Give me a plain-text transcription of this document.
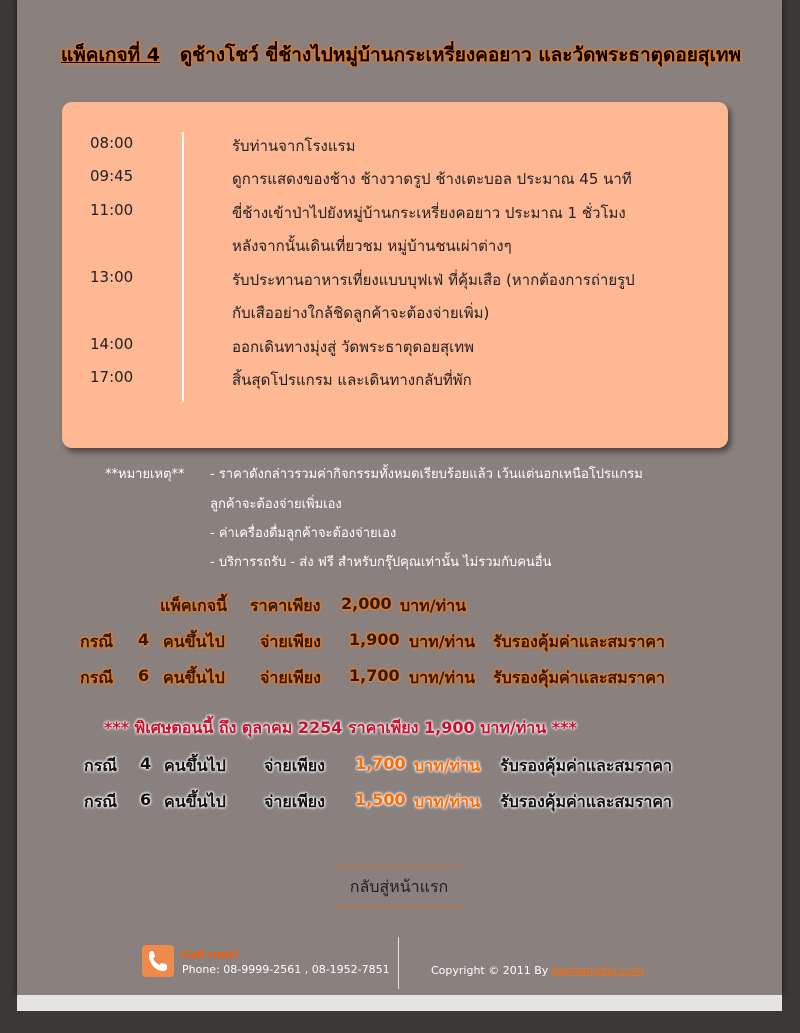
แพ็คเกจที่ 4 ดูช้างโชว์ ขี่ช้างไปหมู่บ้านกระเหรี่ยงคอยาว และวัดพระธาตุดอยสุเทพ
08:00	รับท่านจากโรงแรม
09:45	ดูการแสดงของช้าง ช้างวาดรูป ช้างเตะบอล ประมาณ 45 นาที
11:00	ขี่ช้างเข้าป่าไปยังหมู่บ้านกระเหรี่ยงคอยาว ประมาณ 1 ชั่วโมง
หลังจากนั้นเดินเที่ยวชม หมู่บ้านชนเผ่าต่างๆ
13:00	รับประทานอาหารเที่ยงแบบบุฟเฟ่ ที่คุ้มเสือ (หากต้องการถ่ายรูป
กับเสืออย่างใกล้ชิดลูกค้าจะต้องจ่ายเพิ่ม)
14:00	ออกเดินทางมุ่งสู่ วัดพระธาตุดอยสุเทพ
17:00	สิ้นสุดโปรแกรม และเดินทางกลับที่พัก
**หมายเหตุ** - ราคาดังกล่าวรวมค่ากิจกรรมทั้งหมดเรียบร้อยแล้ว เว้นแต่นอกเหนือโปรแกรม
ลูกค้าจะต้องจ่ายเพิ่มเอง
- ค่าเครื่องดื่มลูกค้าจะต้องจ่ายเอง
- บริการรถรับ - ส่ง ฟรี สำหรับกรุ๊ปคุณเท่านั้น ไม่รวมกับคนอื่น
แพ็คเกจนี้ ราคาเพียง 2,000 บาท/ท่าน
กรณี 4 คนขึ้นไป จ่ายเพียง 1,900 บาท/ท่าน รับรองคุ้มค่าและสมราคา
กรณี 6 คนขึ้นไป จ่ายเพียง 1,700 บาท/ท่าน รับรองคุ้มค่าและสมราคา
*** พิเศษตอนนี้ ถึง ตุลาคม 2254 ราคาเพียง 1,900 บาท/ท่าน ***
กรณี 4 คนขึ้นไป จ่ายเพียง 1,700 บาท/ท่าน รับรองคุ้มค่าและสมราคา
กรณี 6 คนขึ้นไป จ่ายเพียง 1,500 บาท/ท่าน รับรองคุ้มค่าและสมราคา
กลับสู่หน้าแรก
Call now!
Phone: 08-9999-2561 , 08-1952-7851	Copyright © 2011 By banhangdoi.com
